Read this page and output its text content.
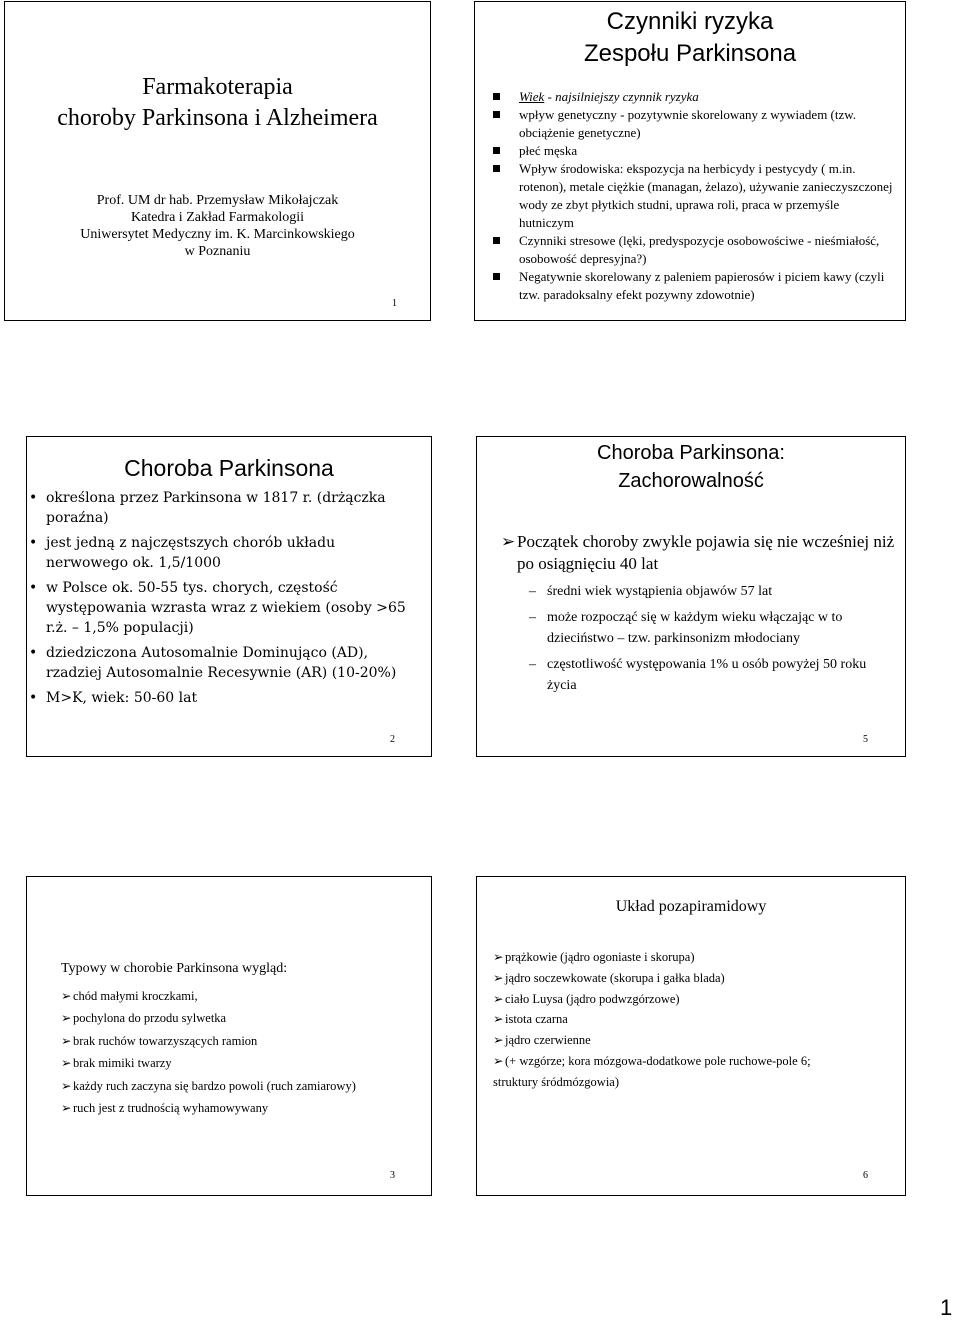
Farmakoterapia
choroby Parkinsona i Alzheimera
Prof. UM dr hab. Przemysław Mikołajczak
Katedra i Zakład Farmakologii
Uniwersytet Medyczny im. K. Marcinkowskiego
w Poznaniu
1
Czynniki ryzyka
Zespołu Parkinsona
Wiek - najsilniejszy czynnik ryzyka
wpływ genetyczny - pozytywnie skorelowany z wywiadem (tzw. obciążenie genetyczne)
płeć męska
Wpływ środowiska: ekspozycja na herbicydy i pestycydy ( m.in. rotenon), metale ciężkie (managan, żelazo), używanie zanieczyszczonej wody ze zbyt płytkich studni, uprawa roli, praca w przemyśle hutniczym
Czynniki stresowe (lęki, predyspozycje osobowościwe - nieśmiałość, osobowość depresyjna?)
Negatywnie skorelowany z paleniem papierosów i piciem kawy (czyli tzw. paradoksalny efekt pozywny zdowotnie)
Choroba Parkinsona
• określona przez Parkinsona w 1817 r. (drżączka poraźna)
• jest jedną z najczęstszych chorób układu nerwowego ok. 1,5/1000
• w Polsce ok. 50-55 tys. chorych, częstość występowania wzrasta wraz z wiekiem (osoby >65 r.ż. – 1,5% populacji)
• dziedziczona Autosomalnie Dominująco (AD), rzadziej Autosomalnie Recesywnie (AR) (10-20%)
• M>K, wiek: 50-60 lat
2
Choroba Parkinsona:
Zachorowalność
➢ Początek choroby zwykle pojawia się nie wcześniej niż po osiągnięciu 40 lat
– średni wiek wystąpienia objawów 57 lat
– może rozpocząć się w każdym wieku włączając w to dzieciństwo – tzw. parkinsonizm młodociany
– częstotliwość występowania 1% u osób powyżej 50 roku życia
5
Typowy w chorobie Parkinsona wygląd:
➢ chód małymi kroczkami,
➢ pochylona do przodu sylwetka
➢ brak ruchów towarzyszących ramion
➢ brak mimiki twarzy
➢ każdy ruch zaczyna się bardzo powoli (ruch zamiarowy)
➢ ruch jest z trudnością wyhamowywany
3
Układ pozapiramidowy
➢ prążkowie (jądro ogoniaste i skorupa)
➢ jądro soczewkowate (skorupa i gałka blada)
➢ ciało Luysa (jądro podwzgórzowe)
➢ istota czarna
➢ jądro czerwienne
➢ (+ wzgórze; kora mózgowa-dodatkowe pole ruchowe-pole 6;
struktury śródmózgowia)
6
1
